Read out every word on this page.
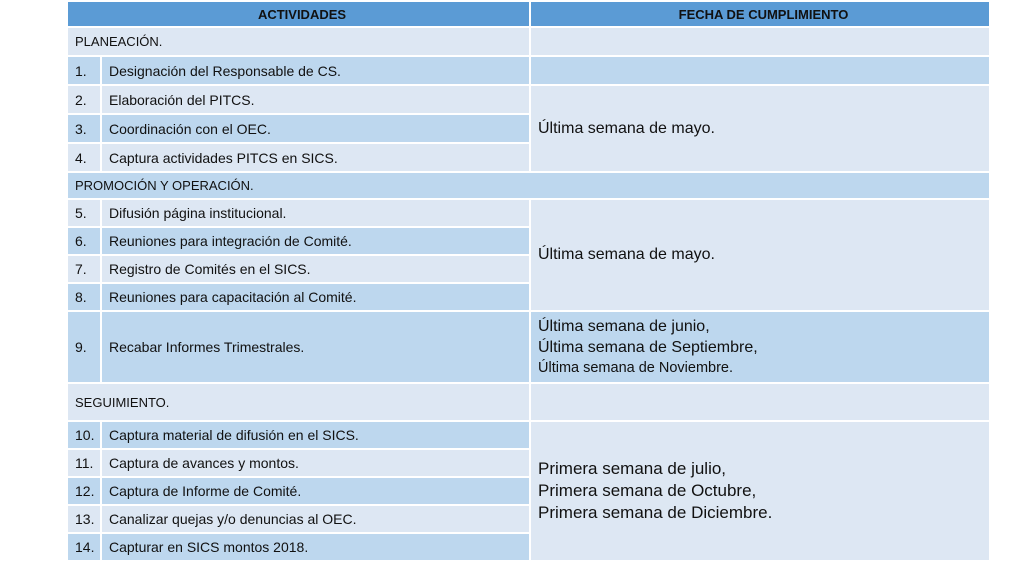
ACTIVIDADES		FECHA DE CUMPLIMIENTO
PLANEACIÓN.		
1.	Designación del Responsable de CS.	
2.	Elaboración del PITCS.	Última semana de mayo.
3.	Coordinación con el OEC.	
4.	Captura actividades PITCS en SICS.	
PROMOCIÓN Y OPERACIÓN.		
5.	Difusión página institucional.	Última semana de mayo.
6.	Reuniones para integración de Comité.	
7.	Registro de Comités en el SICS.	
8.	Reuniones para capacitación al Comité.	
9.	Recabar Informes Trimestrales.	Última semana de junio,
Última semana de Septiembre,
Última semana de Noviembre.

SEGUIMIENTO.		
10.	Captura material de difusión en el SICS.	Primera semana de julio,
Primera semana de Octubre,
Primera semana de Diciembre.

11.	Captura de avances y montos.	
12.	Captura de Informe de Comité.	
13.	Canalizar quejas y/o denuncias al OEC.	
14.	Capturar en SICS montos 2018.	
